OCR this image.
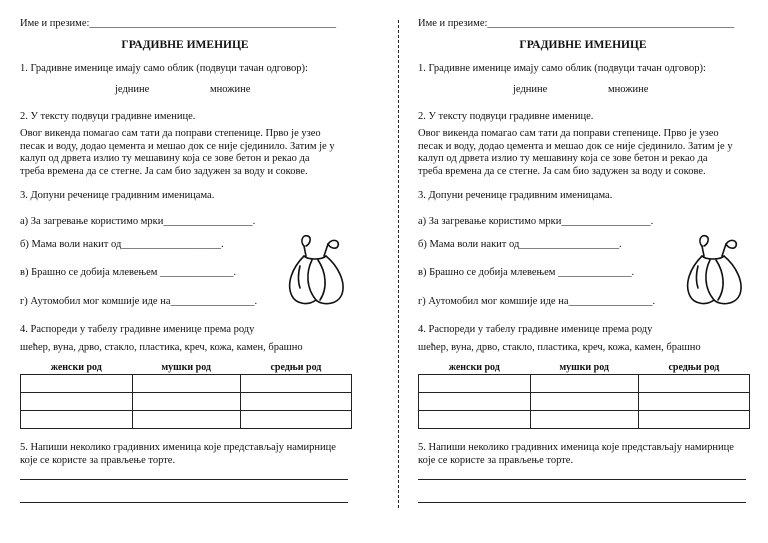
Име и презиме:_______________________________________________
ГРАДИВНЕ ИМЕНИЦЕ
1. Градивне именице имају само облик (подвуци тачан одговор):
једнине	множине
2. У тексту подвуци градивне именице.

Овог викенда помагао сам тати да поправи степенице. Прво је узео

песак и воду, додао цемента и мешао док се није сјединило. Затим је у

калуп од дрвета излио ту мешавину која се зове бетон и рекао да

треба времена да се стегне. Ја сам био задужен за воду и сокове.

3. Допуни реченице градивним именицама.
а) За загревање користимо мрки_________________.
б) Мама воли накит од___________________.
в) Брашно се добија млевењем ______________.
г) Аутомобил мог комшије иде на________________.
4. Распореди у табелу градивне именице према роду
шећер, вуна, дрво, стакло, пластика, креч, кожа, камен, брашно
женски род	мушки род	средњи род

5. Напиши неколико градивних именица које представљају намирнице које се користе за прављење торте.
Име и презиме:_______________________________________________
ГРАДИВНЕ ИМЕНИЦЕ
1. Градивне именице имају само облик (подвуци тачан одговор):
једнине	множине
2. У тексту подвуци градивне именице.

Овог викенда помагао сам тати да поправи степенице. Прво је узео

песак и воду, додао цемента и мешао док се није сјединило. Затим је у

калуп од дрвета излио ту мешавину која се зове бетон и рекао да

треба времена да се стегне. Ја сам био задужен за воду и сокове.

3. Допуни реченице градивним именицама.
а) За загревање користимо мрки_________________.
б) Мама воли накит од___________________.
в) Брашно се добија млевењем ______________.
г) Аутомобил мог комшије иде на________________.
4. Распореди у табелу градивне именице према роду
шећер, вуна, дрво, стакло, пластика, креч, кожа, камен, брашно
женски род	мушки род	средњи род

5. Напиши неколико градивних именица које представљају намирнице које се користе за прављење торте.
